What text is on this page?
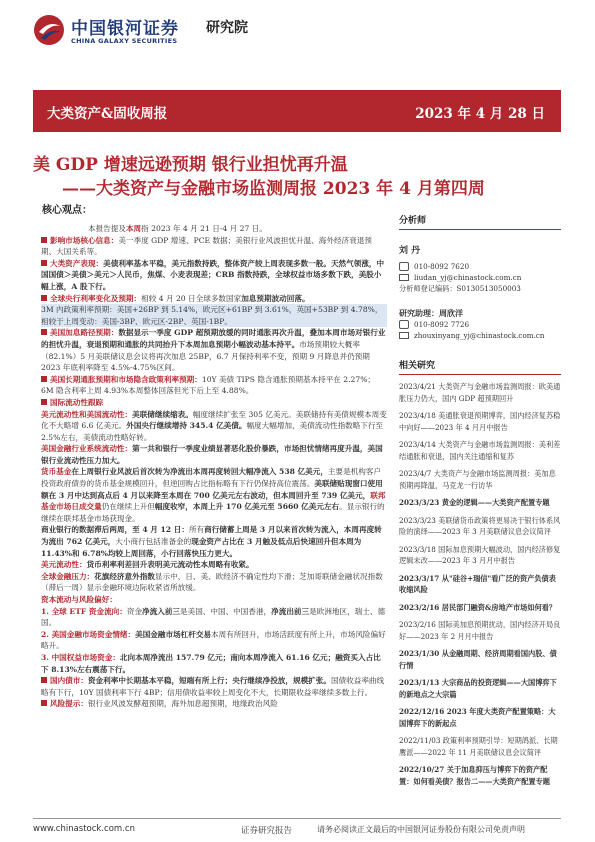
中国银河证券
CHINA GALAXY SECURITIES
研究院
大类资产&固收周报	2023 年 4 月 28 日
美 GDP 增速远逊预期 银行业担忧再升温
——大类资产与金融市场监测周报 2023 年 4 月第四周
核心观点：

本报告提及本周指 2023 年 4 月 21 日-4 月 27 日。

影响市场核心信息：美一季度 GDP 增速、PCE 数据；美银行业风波担忧升温、海外经济衰退预期、大国关系等。

大类资产表现：美债利率基本平稳，美元指数持跌，整体资产较上周表现多数一般。天然气领涨，中国国债＞美债＞美元＞人民币，焦煤、小麦表现差；CRB 指数持跌，全球权益市场多数下跌，美股小幅上涨，A 股下行。

全球央行利率变化及预期：相较 4 月 20 日全球多数国家加息预期波动回落。

3M 内政策利率预期：美国+26BP 到 5.14%，欧元区+61BP 到 3.61%，英国+53BP 到 4.78%，相较于上周变动：美国-3BP、欧元区-2BP、英国-1BP。

美国加息路径预期：数据显示一季度 GDP 超预期放缓的同时通胀再次升温，叠加本周市场对银行业的担忧升温，衰退预期和通胀的共同抬升下本周加息预期小幅波动基本持平。市场预期较大概率（82.1%）5 月美联储议息会议将再次加息 25BP，6.7 月保持利率不变，预期 9 月降息并仍预期 2023 年底利率降至 4.5%-4.75%区间。

美国长期通胀预期和市场隐含政策利率预期：10Y 美债 TIPS 隐含通胀预期基本持平在 2.27%；6M 隐含利率上周 4.93%本周整体回落但光下后上至 4.88%。

国际流动性跟踪

美元流动性和美国流动性：美联储继续缩表。幅度继续扩张至 305 亿美元。美联储持有美债规模本周变化不大略增 6.6 亿美元。外国央行继续增持 345.4 亿美债。幅度大幅增加，美债流动性指数略下行至 2.5%左右，美债流动性略好转。

美国金融行业系统流动性：第一共和银行一季度业绩显著恶化股价暴跌，市场担忧情绪再度升温，美国银行业流动性压力加大。

货币基金在上周银行业风波后首次转为净流出本周再度转回大幅净流入 538 亿美元，主要是机构客户投资政府债券的货币基金规模回升，但逆回购占比指标略有下行仍保持高位震荡。美联储贴现窗口使用额在 3 月中达到高点后 4 月以来降至本周在 700 亿美元左右波动，但本周回升至 739 亿美元，联邦基金市场日成交量仍在继续上升但幅度收窄，本周上升 170 亿美元至 5660 亿美元左右。显示银行的继续在联邦基金市场获现金。

商业银行的数据滞后两周，至 4 月 12 日：所有商行储蓄上周是 3 月以来首次转为流入，本周再度转为流出 762 亿美元，大小商行包括准备金的现金资产占比在 3 月触及低点后快速回升但本周为 11.43%和 6.78%均较上周回落，小行回落快压力更大。

美元流动性：货币利率利差回升表明美元流动性本周略有收紧。

全球金融压力：花旗经济意外指数显示中、日、美、欧经济不确定性均下滑；芝加哥联储金融状况指数（滞后一周）显示金融环境边际收紧省所放缓。

资本流动与风险偏好：

1. 全球 ETF 资金流向：资金净流入前三是美国、中国、中国香港，净流出前三是欧洲地区，瑞士、德国。

2. 美国金融市场资金情绪：美国金融市场杠杆交易本周有所回升，市场活跃度有所上升，市场风险偏好略升。

3. 中国权益市场资金：北向本周净流出 157.79 亿元；南向本周净流入 61.16 亿元；融资买入占比下 8.13%左右震荡下行。

国内债市：资金利率中长期基本平稳，短端有所上行；央行继续净投放，规模扩张。国债收益率曲线略有下行，10Y 国债利率下行 4BP；信用债收益率较上周变化不大，长期限收益率继续多数上行。

风险提示：银行业风波发酵超预期，海外加息超预期，地缘政治风险

分析师
刘 丹
010-8092 7620
liudan_yj@chinastock.com.cn
分析师登记编码：S0130513050003
研究助理：周欣洋
010-8092 7726
zhouxinyang_yj@chinastock.com.cn
相关研究
2023/4/21 大类资产与金融市场监测周报：欧美通胀压力仍大，国内 GDP 超预期回升
2023/4/18 美通胀衰退预期博弈，国内经济复苏稳中向好——2023 年 4 月月中报告
2023/4/14 大类资产与金融市场监测周报：美利差结通胀和衰退，国内关注通缩和复苏
2023/4/7 大类资产与金融市场监测周报：美加息预期再降温，马克龙一行访华
2023/3/23 黄金的逻辑——大类资产配置专题
2023/3/23 美联储货币政策将更易决于银行体系风险的演绎——2023 年 3 月美联储议息会议简评
2023/3/18 国际加息预期大幅波动，国内经济修复逻辑未改——2023 年 3 月月中报告
2023/3/17 从"硅谷+瑞信"看广泛的资产负债表收缩风险
2023/2/16 居民部门融资&房地产市场如何看？
2023/2/16 国际美加息预期扰动，国内经济开局良好——2023 年 2 月月中报告
2023/1/30 从金融周期、经济周期看国内股、债行情
2023/1/13 大宗商品的投资逻辑——大国博弈下的新地点之大宗篇
2022/12/16 2023 年度大类资产配置策略：大国博弈下的新起点
2022/11/03 政策利率预期引导：短期鸽派、长期鹰派——2022 年 11 月美联储议息会议简评
2022/10/27 关于加息抑压与博弈下的资产配置：如何看美债？报告二——大类资产配置专题
www.chinastock.com.cn	证券研究报告	请务必阅读正文最后的中国银河证券股份有限公司免责声明
